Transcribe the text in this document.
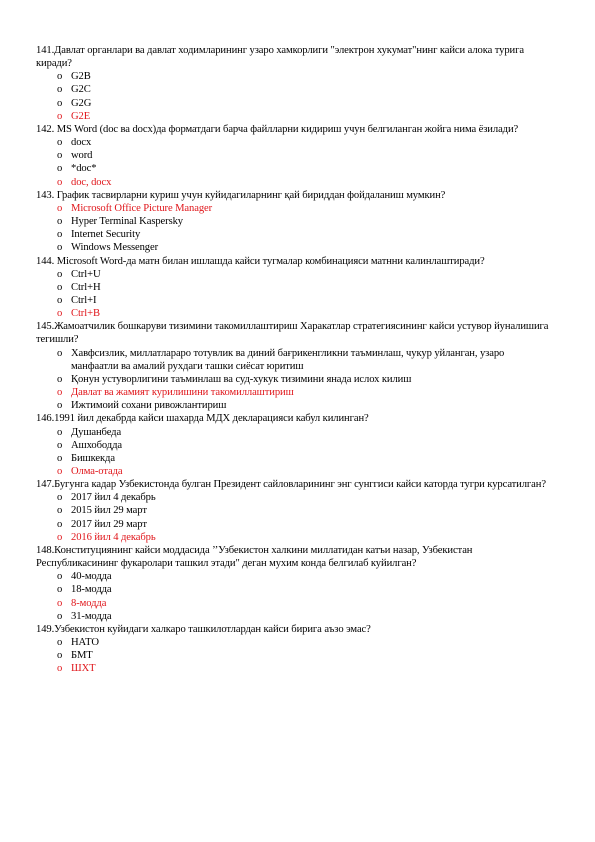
141.Давлат органлари ва давлат ходимларининг узаро хамкорлиги "электрон хукумат"нинг кайси алока турига киради?

o G2B
o G2C
o G2G
o G2E

142. MS Word (doc ва docx)да форматдаги барча файлларни кидириш учун белгиланган жойга нима ёзилади?

o docx
o word
o *doc*
o doc, docx

143. График тасвирларни куриш учун куйидагиларнинг қай бириддан фойдаланиш мумкин?

o Microsoft Office Picture Manager
o Hyper Terminal Kaspersky
o Internet Security
o Windows Messenger

144. Microsoft Word-да матн билан ишлашда кайси тугмалар комбинацияси матнни калинлаштиради?

o Ctrl+U
o Ctrl+H
o Ctrl+I
o Ctrl+B

145.Жамоатчилик бошкаруви тизимини такомиллаштириш Харакатлар стратегиясининг кайси устувор йуналишига тегишли?

o Хавфсизлик, миллатлараро тотувлик ва диний бағрикенгликни таъминлаш, чукур уйланган, узаро манфаатли ва амалий рухдаги ташки сиёсат юритиш
o Қонун устуворлигини таъминлаш ва суд-хукук тизимини янада ислох килиш
o Давлат ва жамият курилишини такомиллаштириш
o Ижтимоий сохани ривожлантириш

146.1991 йил декабрда кайси шахарда МДХ декларацияси кабул килинган?

o Душанбеда
o Ашхободда
o Бишкекда
o Олма-отада

147.Бугунга кадар Узбекистонда булган Президент сайловларининг энг сунггиси кайси каторда тугри курсатилган?

o 2017 йил 4 декабрь
o 2015 йил 29 март
o 2017 йил 29 март
o 2016 йил 4 декабрь

148.Конституциянинг кайси моддасида ’’Узбекистон халкини миллатидан катъи назар, Узбекистан Республикасининг фукаролари ташкил этади" деган мухим конда белгилаб куйилган?

o 40-модда
o 18-модда
o 8-модда
o 31-модда

149.Узбекистон куйидаги халкаро ташкилотлардан кайси бирига аъзо эмас?

o НАТО
o БМТ
o ШХТ
